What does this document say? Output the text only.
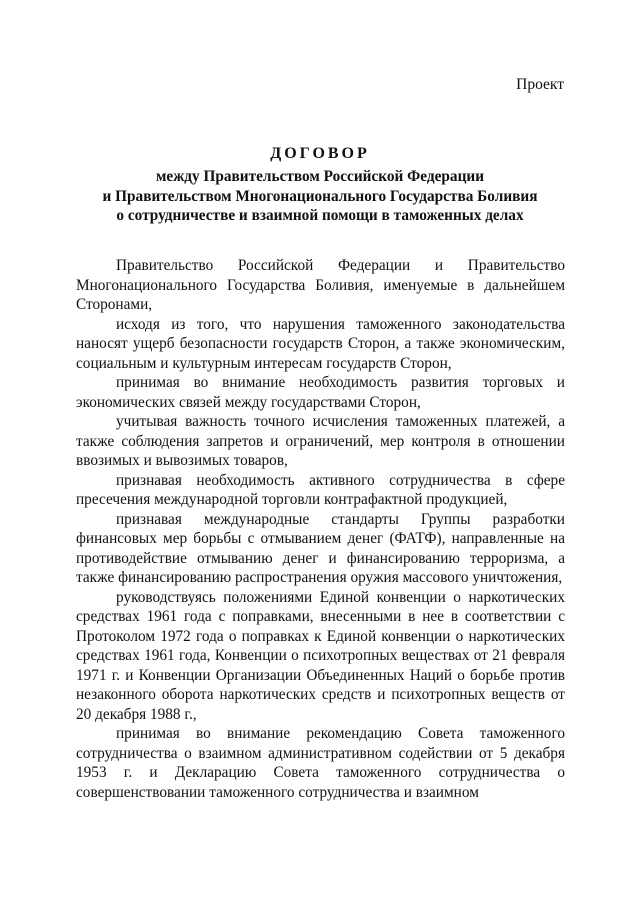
Проект
ДОГОВОР
между Правительством Российской Федерации
и Правительством Многонационального Государства Боливия
о сотрудничестве и взаимной помощи в таможенных делах

Правительство Российской Федерации и Правительство Многонационального Государства Боливия, именуемые в дальнейшем Сторонами,

исходя из того, что нарушения таможенного законодательства наносят ущерб безопасности государств Сторон, а также экономическим, социальным и культурным интересам государств Сторон,

принимая во внимание необходимость развития торговых и экономических связей между государствами Сторон,

учитывая важность точного исчисления таможенных платежей, а также соблюдения запретов и ограничений, мер контроля в отношении ввозимых и вывозимых товаров,

признавая необходимость активного сотрудничества в сфере пресечения международной торговли контрафактной продукцией,

признавая международные стандарты Группы разработки финансовых мер борьбы с отмыванием денег (ФАТФ), направленные на противодействие отмыванию денег и финансированию терроризма, а также финансированию распространения оружия массового уничтожения,

руководствуясь положениями Единой конвенции о наркотических средствах 1961 года с поправками, внесенными в нее в соответствии с Протоколом 1972 года о поправках к Единой конвенции о наркотических средствах 1961 года, Конвенции о психотропных веществах от 21 февраля 1971 г. и Конвенции Организации Объединенных Наций о борьбе против незаконного оборота наркотических средств и психотропных веществ от 20 декабря 1988 г.,

принимая во внимание рекомендацию Совета таможенного сотрудничества о взаимном административном содействии от 5 декабря 1953 г. и Декларацию Совета таможенного сотрудничества о совершенствовании таможенного сотрудничества и взаимном
